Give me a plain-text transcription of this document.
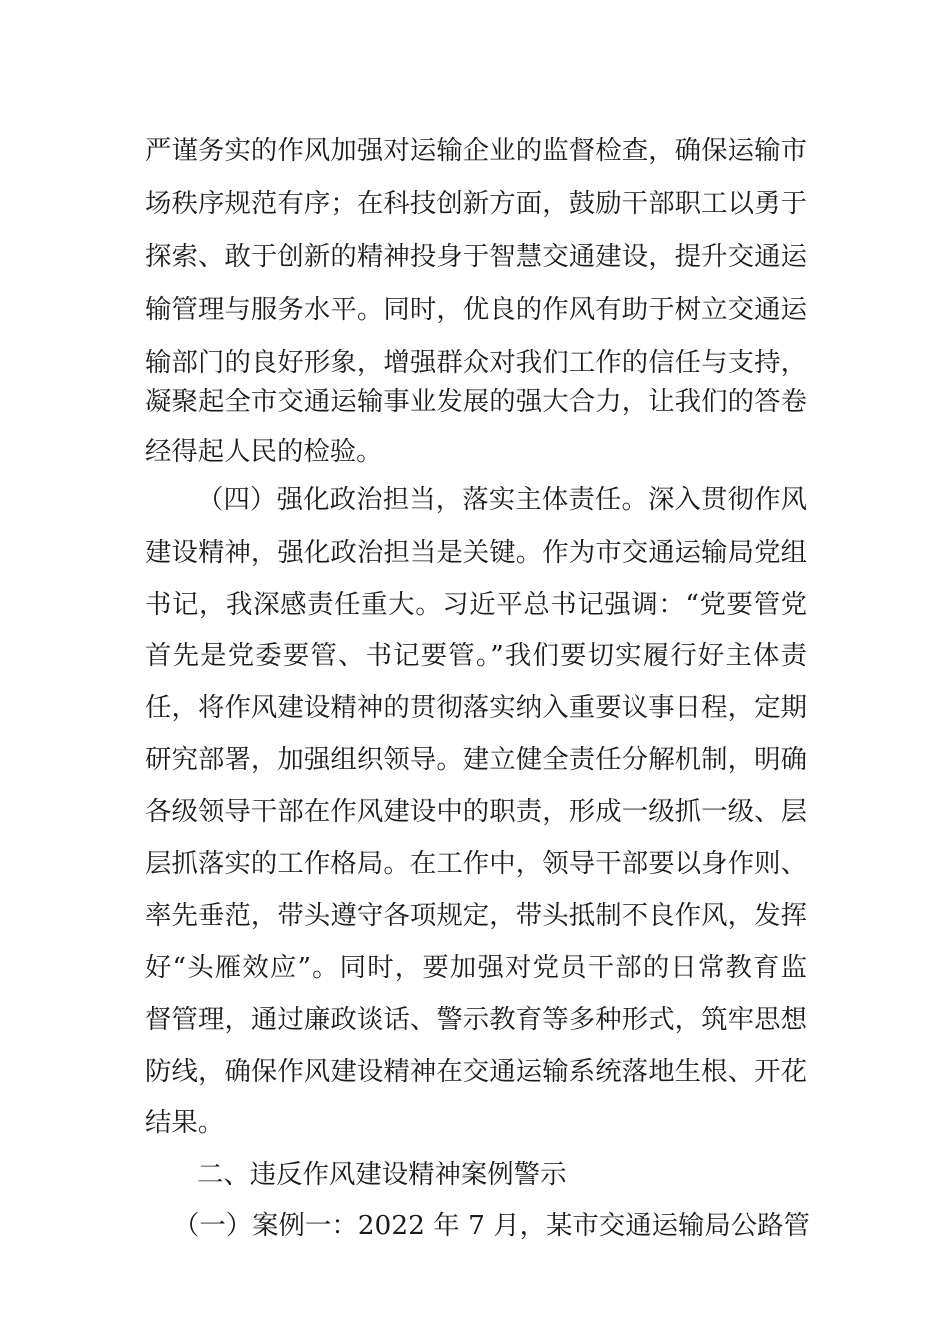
严谨务实的作风加强对运输企业的监督检查，确保运输市
场秩序规范有序；在科技创新方面，鼓励干部职工以勇于
探索、敢于创新的精神投身于智慧交通建设，提升交通运
输管理与服务水平。同时，优良的作风有助于树立交通运
输部门的良好形象，增强群众对我们工作的信任与支持，
凝聚起全市交通运输事业发展的强大合力，让我们的答卷
经得起人民的检验。
（四）强化政治担当，落实主体责任。深入贯彻作风
建设精神，强化政治担当是关键。作为市交通运输局党组
书记，我深感责任重大。习近平总书记强调：“党要管党
首先是党委要管、书记要管。”我们要切实履行好主体责
任，将作风建设精神的贯彻落实纳入重要议事日程，定期
研究部署，加强组织领导。建立健全责任分解机制，明确
各级领导干部在作风建设中的职责，形成一级抓一级、层
层抓落实的工作格局。在工作中，领导干部要以身作则、
率先垂范，带头遵守各项规定，带头抵制不良作风，发挥
好“头雁效应”。同时，要加强对党员干部的日常教育监
督管理，通过廉政谈话、警示教育等多种形式，筑牢思想
防线，确保作风建设精神在交通运输系统落地生根、开花
结果。
二、违反作风建设精神案例警示
（一）案例一：2022 年 7 月，某市交通运输局公路管
